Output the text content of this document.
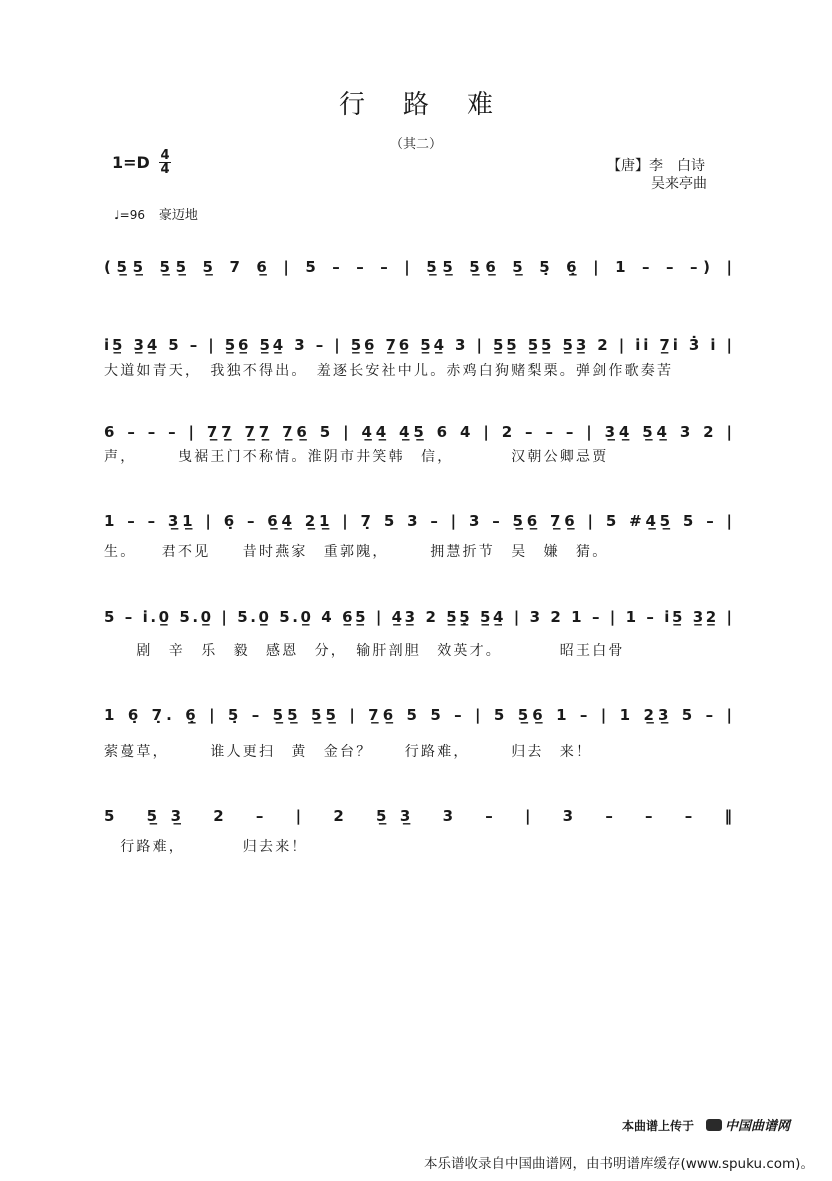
行路难
（其二）
1=D 4
4	【唐】李　白诗
吴来亭曲
♩=96 豪迈地
(5̲5̲ 5̲5̲ 5̲ 7 6̲ | 5 – – – | 5̲5̲ 5̲6̲ 5̲ 5̣ 6̣̲ | 1 – – –) |
i̇5̲ 3̲4̲ 5 – | 5̲6̲ 5̲4̲ 3 – | 5̲6̲ 7̲6̲ 5̲4̲ 3 | 5̲5̲ 5̲5̲ 5̲3̲ 2 | i̇i̇ 7̲i̇ 3̇ i̇ |
大道如青天，　我独不得出。　羞逐长安社中儿。赤鸡白狗赌梨栗。弹剑作歌奏苦
6 – – – | 7̲7̲ 7̲7̲ 7̲6̲ 5 | 4̲4̲ 4̲5̲ 6 4 | 2 – – – | 3̲4̲ 5̲4̲ 3 2 |
声，　　　曳裾王门不称情。淮阴市井笑韩　信，　　　　汉朝公卿忌贾
1 – – 3̲1̲ | 6̣ – 6̲4̲ 2̲1̲ | 7̣ 5 3 – | 3 – 5̲6̲ 7̲6̲ | 5 #4̲5̲ 5 – |
生。　　君不见　　昔时燕家　重郭隗，　　　拥慧折节　吴　嫌　猜。
5 – i̇.0̲ 5.0̲ | 5.0̲ 5.0̲ 4 6̲5̲ | 4̲3̲ 2 5̲5̣̲ 5̲4̲ | 3 2 1 – | 1 – i̇5̲ 3̲2̲ |
　　剧　辛　乐　毅　感恩　分，　输肝剖胆　效英才。　　　　昭王白骨
1 6̣ 7̣. 6̣̲ | 5̣ – 5̲5̲ 5̲5̲ | 7̲6̲ 5 5 – | 5 5̲6̲ 1 – | 1 2̲3̲ 5 – |
萦蔓草，　　　谁人更扫　黄　金台？　　行路难，　　　归去　来！
5 5̲3̲ 2 – | 2 5̲3̲ 3 – | 3 – – – ‖
　行路难，　　　　归去来！
本曲谱上传于	中国曲谱网
本乐谱收录自中国曲谱网，由书明谱库缓存(www.spuku.com)。
